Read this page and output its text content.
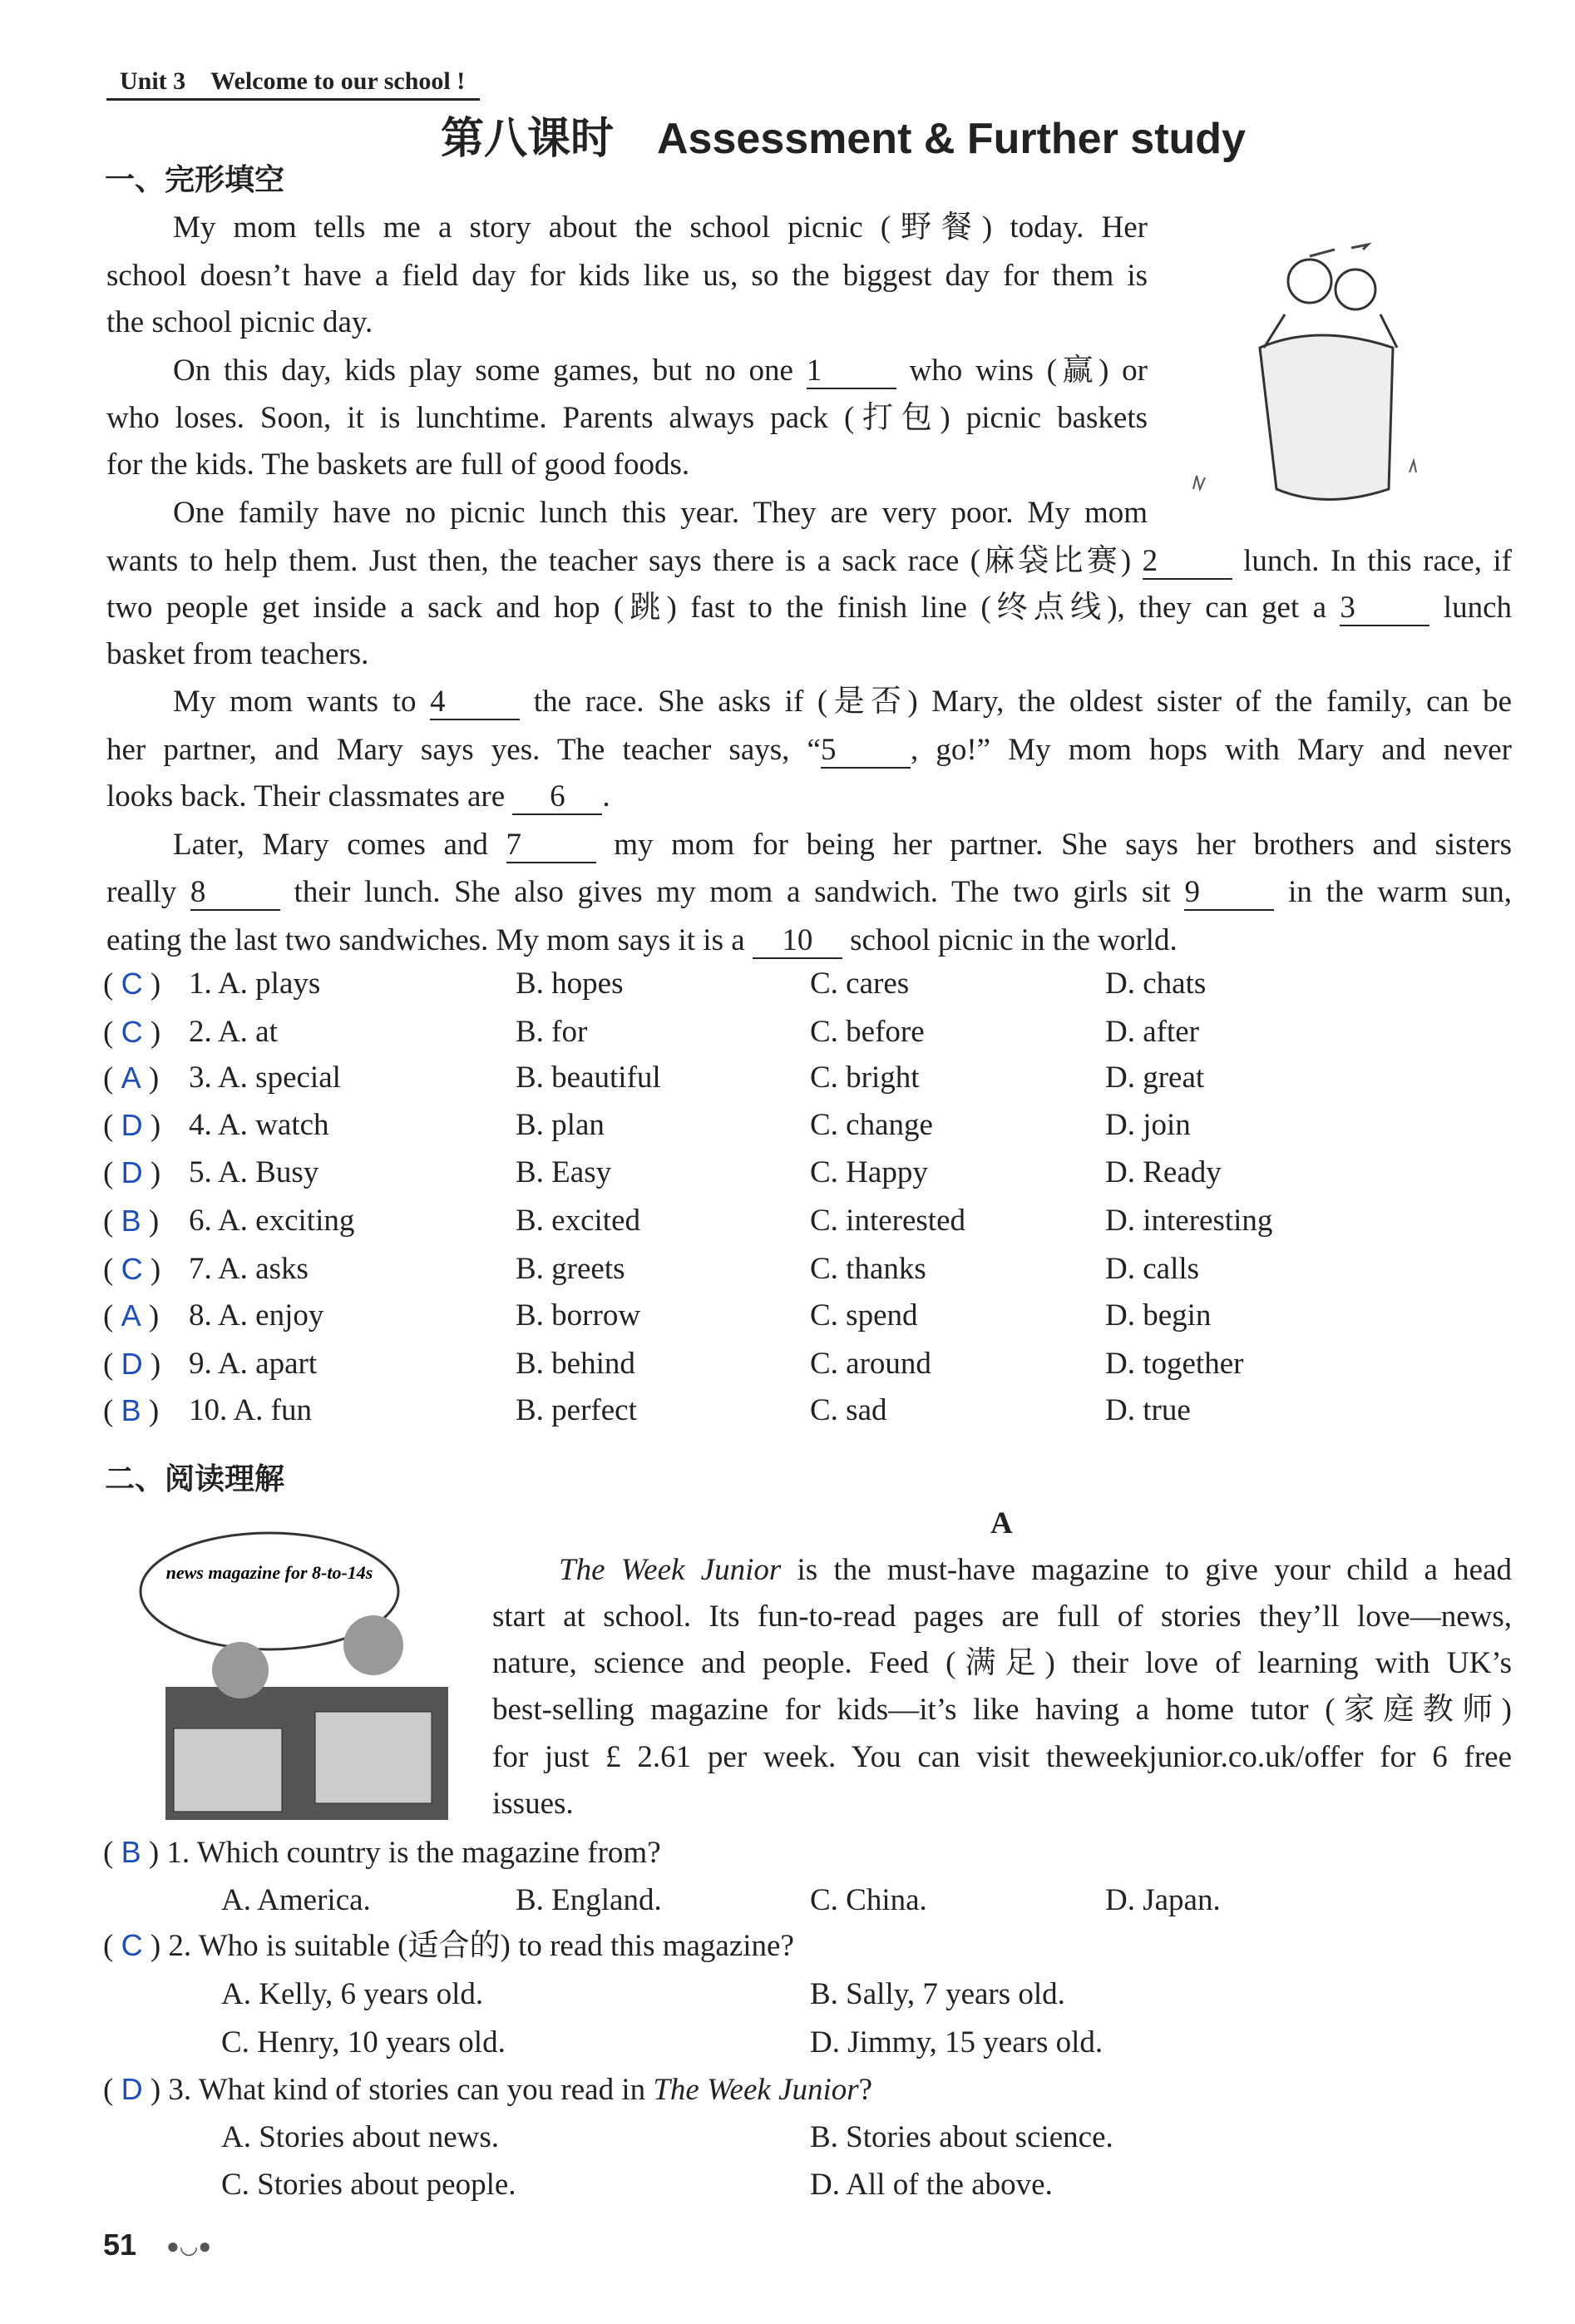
Unit 3　Welcome to our school !
第八课时　Assessment & Further study
一、完形填空
My mom tells me a story about the school picnic (野餐) today. Her
school doesn’t have a field day for kids like us, so the biggest day for them is
the school picnic day.
On this day, kids play some games, but no one 1 who wins (赢) or
who loses. Soon, it is lunchtime. Parents always pack (打包) picnic baskets
for the kids. The baskets are full of good foods.
One family have no picnic lunch this year. They are very poor. My mom
wants to help them. Just then, the teacher says there is a sack race (麻袋比赛) 2 lunch. In this race, if
two people get inside a sack and hop (跳) fast to the finish line (终点线), they can get a 3 lunch
basket from teachers.
My mom wants to 4 the race. She asks if (是否) Mary, the oldest sister of the family, can be
her partner, and Mary says yes. The teacher says, “5 , go!” My mom hops with Mary and never
looks back. Their classmates are 6 .
Later, Mary comes and 7 my mom for being her partner. She says her brothers and sisters
really 8 their lunch. She also gives my mom a sandwich. The two girls sit 9 in the warm sun,
eating the last two sandwiches. My mom says it is a 10 school picnic in the world.
( C ) 1. A. plays	B. hopes	C. cares	D. chats
( C ) 2. A. at	B. for	C. before	D. after
( A ) 3. A. special	B. beautiful	C. bright	D. great
( D ) 4. A. watch	B. plan	C. change	D. join
( D ) 5. A. Busy	B. Easy	C. Happy	D. Ready
( B ) 6. A. exciting	B. excited	C. interested	D. interesting
( C ) 7. A. asks	B. greets	C. thanks	D. calls
( A ) 8. A. enjoy	B. borrow	C. spend	D. begin
( D ) 9. A. apart	B. behind	C. around	D. together
( B ) 10. A. fun	B. perfect	C. sad	D. true
二、阅读理解
A
news magazine for 8-to-14s	The Week Junior is the must-have magazine to give your child a head
start at school. Its fun-to-read pages are full of stories they’ll love—news,
nature, science and people. Feed (满足) their love of learning with UK’s
best-selling magazine for kids—it’s like having a home tutor (家庭教师)
for just £ 2.61 per week. You can visit theweekjunior.co.uk/offer for 6 free
issues.
( B ) 1. Which country is the magazine from?
A. America.	B. England.	C. China.	D. Japan.
( C ) 2. Who is suitable (适合的) to read this magazine?
A. Kelly, 6 years old.	B. Sally, 7 years old.
C. Henry, 10 years old.	D. Jimmy, 15 years old.
( D ) 3. What kind of stories can you read in The Week Junior?
A. Stories about news.	B. Stories about science.
C. Stories about people.	D. All of the above.
51 ●◡●
